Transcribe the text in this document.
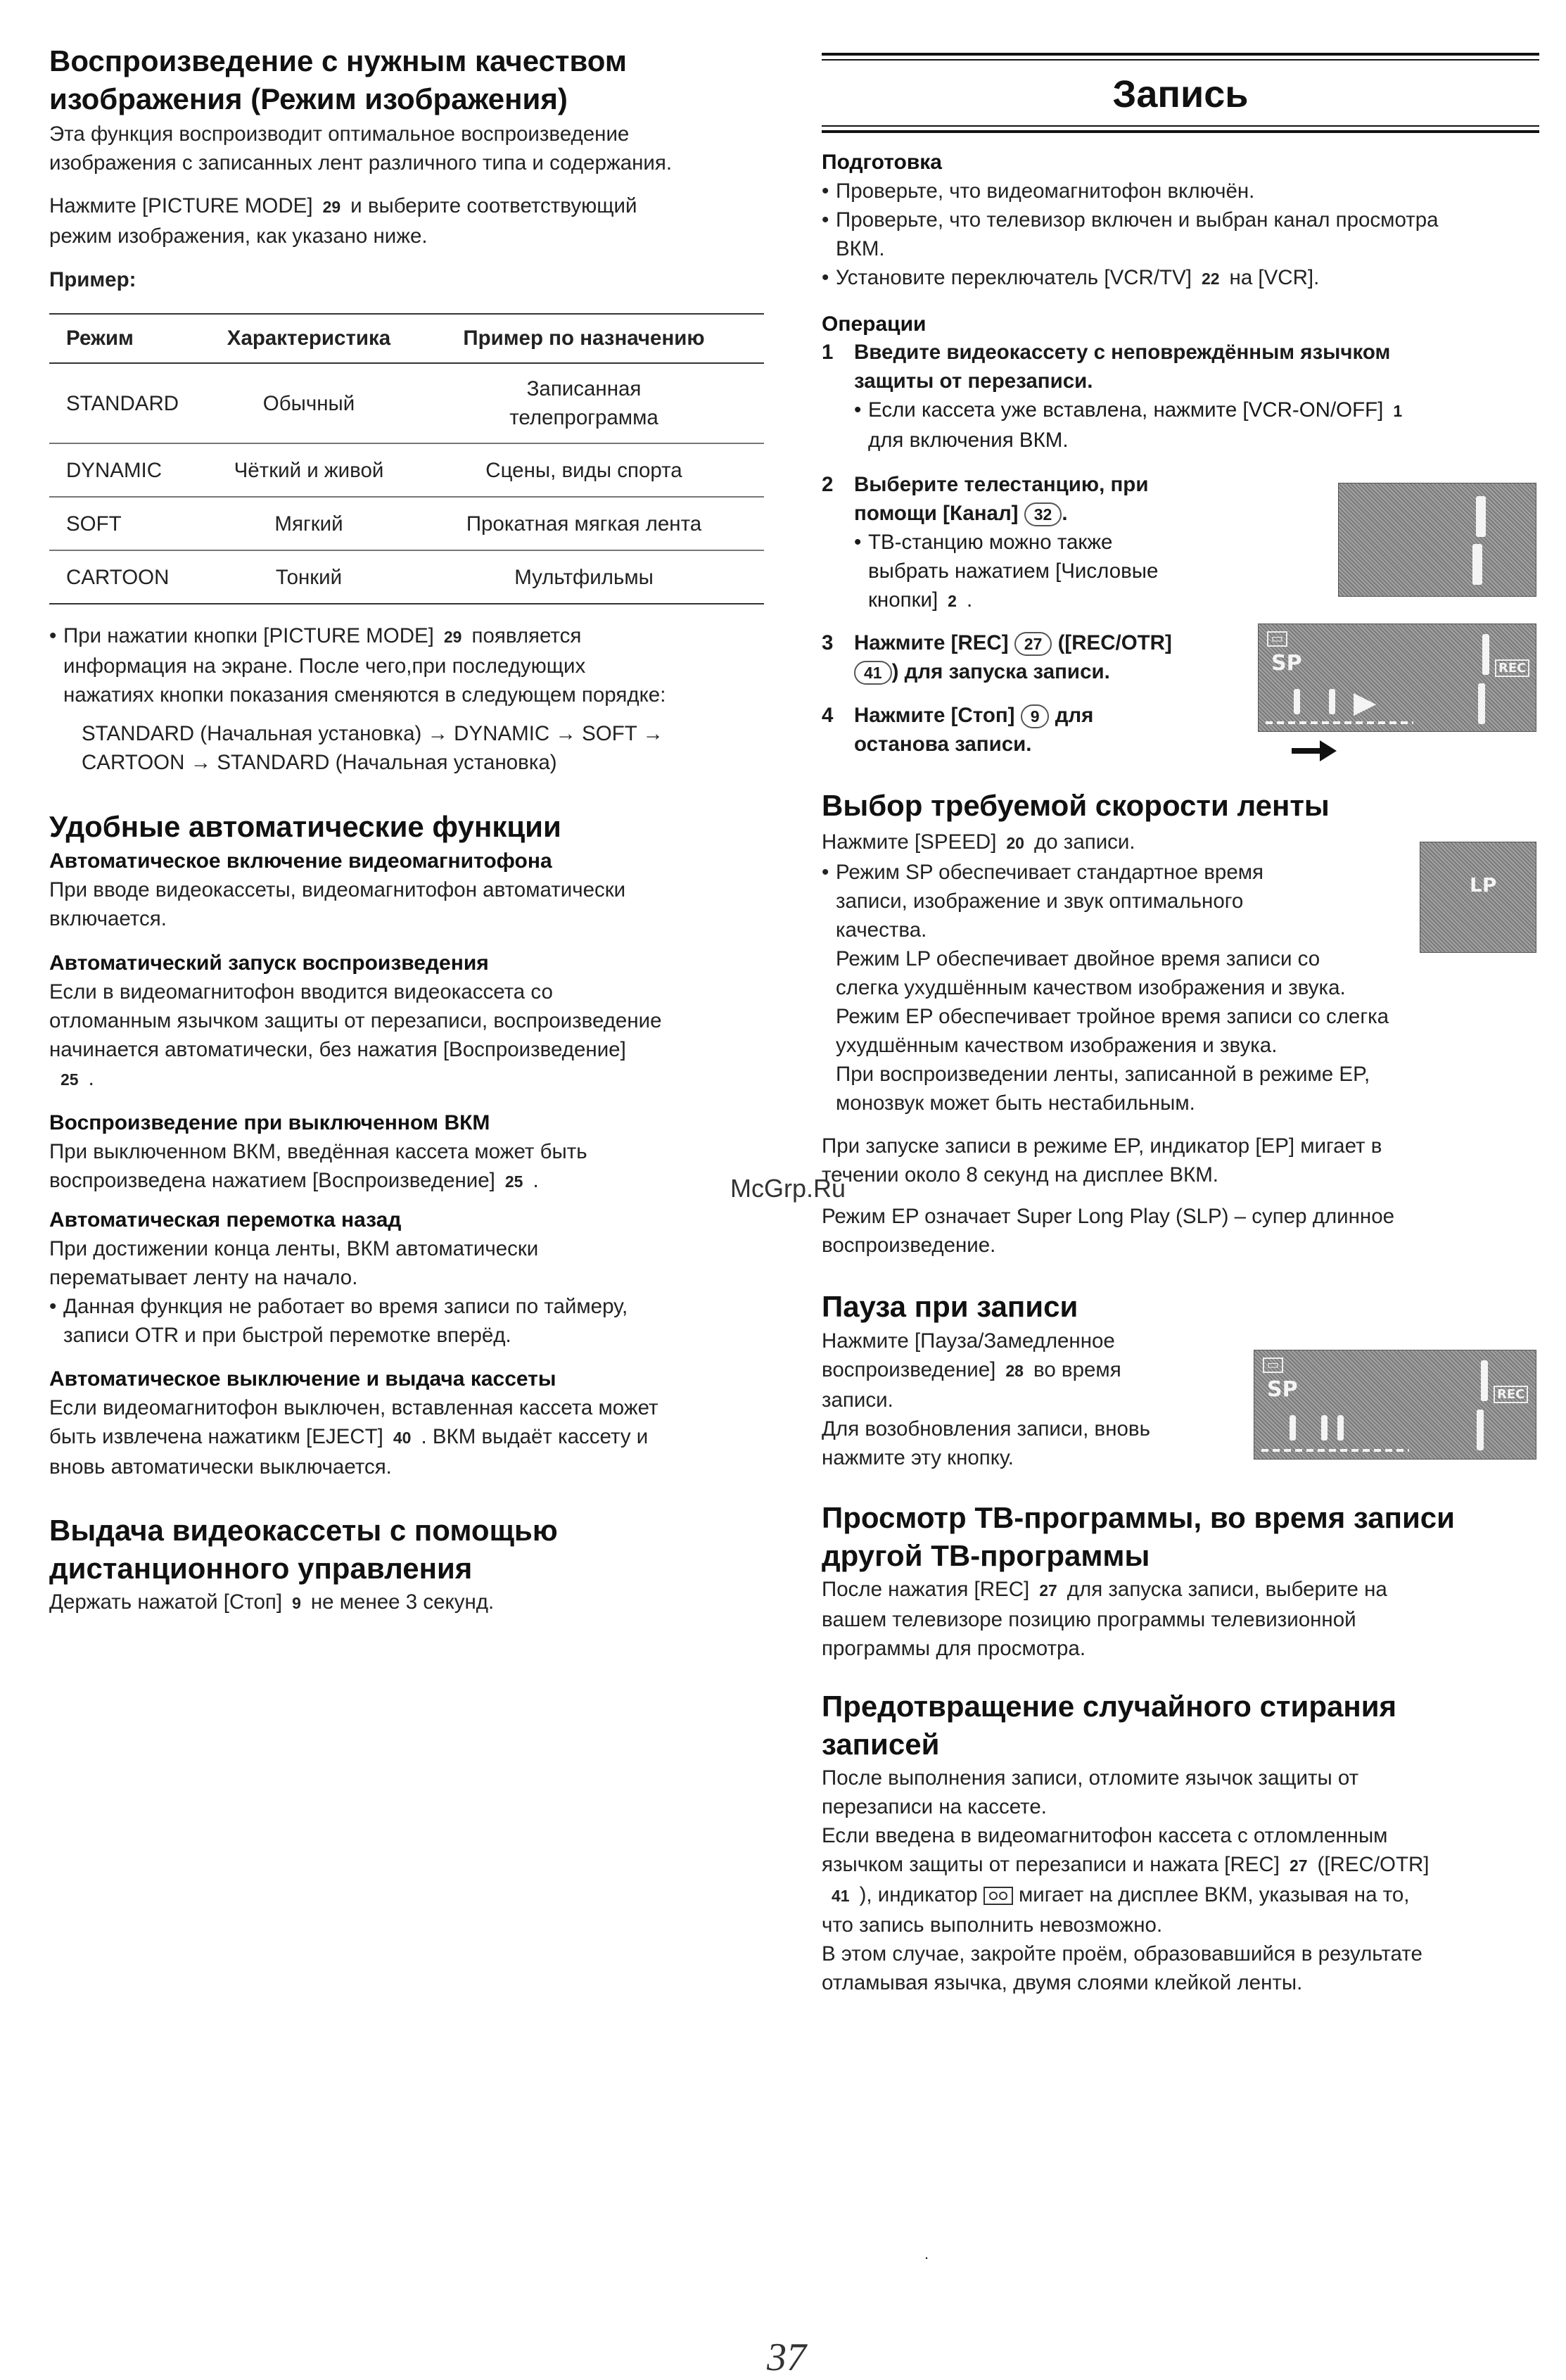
Воспроизведение с нужным качеством
изображения (Режим изображения)
Эта функция воспроизводит оптимальное воспроизведение
изображения с записанных лент различного типа и содержания.
Нажмите [PICTURE MODE] 29 и выберите соответствующий
режим изображения, как указано ниже.
Пример:
Режим	Характеристика	Пример по назначению
STANDARD	Обычный	Записанная
телепрограмма

DYNAMIC	Чёткий и живой	Сцены, виды спорта
SOFT	Мягкий	Прокатная мягкая лента
CARTOON	Тонкий	Мультфильмы
• При нажатии кнопки [PICTURE MODE] 29 появляется
информация на экране. После чего,при последующих
нажатиях кнопки показания сменяются в следующем порядке:
STANDARD (Начальная установка) → DYNAMIC → SOFT →
CARTOON → STANDARD (Начальная установка)
Удобные автоматические функции
Автоматическое включение видеомагнитофона
При вводе видеокассеты, видеомагнитофон автоматически
включается.
Автоматический запуск воспроизведения
Если в видеомагнитофон вводится видеокассета со
отломанным язычком защиты от перезаписи, воспроизведение
начинается автоматически, без нажатия [Воспроизведение]
25 .
Воспроизведение при выключенном ВКМ
При выключенном ВКМ, введённая кассета может быть
воспроизведена нажатием [Воспроизведение] 25 .
Автоматическая перемотка назад
При достижении конца ленты, ВКМ автоматически
перематывает ленту на начало.
• Данная функция не работает во время записи по таймеру,
записи OTR и при быстрой перемотке вперёд.
Автоматическое выключение и выдача кассеты
Если видеомагнитофон выключен, вставленная кассета может
быть извлечена нажатикм [EJECT] 40 . ВКМ выдаёт кассету и
вновь автоматически выключается.
Выдача видеокассеты с помощью
дистанционного управления
Держать нажатой [Стоп] 9 не менее 3 секунд.
Запись
Подготовка
• Проверьте, что видеомагнитофон включён.
• Проверьте, что телевизор включен и выбран канал просмотра
ВКМ.
• Установите переключатель [VCR/TV] 22 на [VCR].
Операции
1 Введите видеокассету с неповреждённым язычком
защиты от перезаписи.
• Если кассета уже вставлена, нажмите [VCR-ON/OFF] 1
для включения ВКМ.
2 Выберите телестанцию, при
помощи [Канал] 32 .
• ТВ-станцию можно также
выбрать нажатием [Числовые
кнопки] 2 .
3 Нажмите [REC] 27 ([REC/OTR]
41 ) для запуска записи.
4 Нажмите [Стоп] 9 для
останова записи.
▭
SP
▶
REC
Выбор требуемой скорости ленты
Нажмите [SPEED] 20 до записи.
• Режим SP обеспечивает стандартное время
записи, изображение и звук оптимального
качества.
Режим LP обеспечивает двойное время записи со
слегка ухудшённым качеством изображения и звука.
Режим EP обеспечивает тройное время записи со слегка
ухудшённым качеством изображения и звука.
При воспроизведении ленты, записанной в режиме EP,
монозвук может быть нестабильным.
LP
При запуске записи в режиме EP, индикатор [EP] мигает в
течении около 8 секунд на дисплее ВКМ.
Режим EP означает Super Long Play (SLP) – супер длинное
воспроизведение.
Пауза при записи
Нажмите [Пауза/Замедленное
воспроизведение] 28 во время
записи.
Для возобновления записи, вновь
нажмите эту кнопку.
▭
SP	REC
Просмотр ТВ-программы, во время записи
другой ТВ-программы
После нажатия [REC] 27 для запуска записи, выберите на
вашем телевизоре позицию программы телевизионной
программы для просмотра.
Предотвращение случайного стирания
записей
После выполнения записи, отломите язычок защиты от
перезаписи на кассете.
Если введена в видеомагнитофон кассета с отломленным
язычком защиты от перезаписи и нажата [REC] 27 ([REC/OTR]
41 ), индикатор мигает на дисплее ВКМ, указывая на то,
что запись выполнить невозможно.
В этом случае, закройте проём, образовавшийся в результате
отламывая язычка, двумя слоями клейкой ленты.
McGrp.Ru
.
37
